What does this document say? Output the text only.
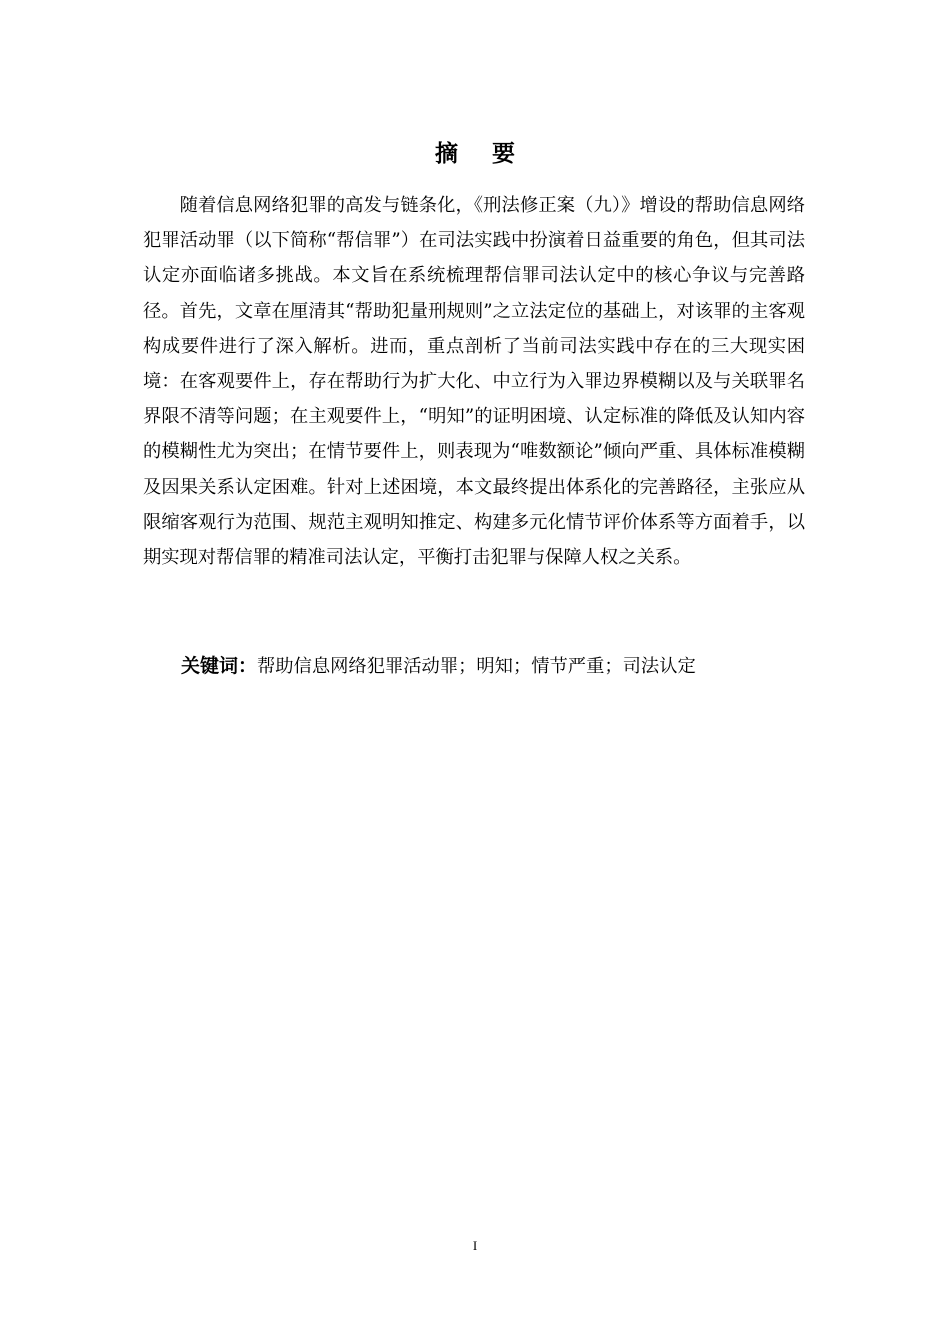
摘要

随着信息网络犯罪的高发与链条化，《刑法修正案（九）》增设的帮助信息网络犯罪活动罪（以下简称“帮信罪”）在司法实践中扮演着日益重要的角色，但其司法认定亦面临诸多挑战。本文旨在系统梳理帮信罪司法认定中的核心争议与完善路径。首先，文章在厘清其“帮助犯量刑规则”之立法定位的基础上，对该罪的主客观构成要件进行了深入解析。进而，重点剖析了当前司法实践中存在的三大现实困境：在客观要件上，存在帮助行为扩大化、中立行为入罪边界模糊以及与关联罪名界限不清等问题；在主观要件上，“明知”的证明困境、认定标准的降低及认知内容的模糊性尤为突出；在情节要件上，则表现为“唯数额论”倾向严重、具体标准模糊及因果关系认定困难。针对上述困境，本文最终提出体系化的完善路径，主张应从限缩客观行为范围、规范主观明知推定、构建多元化情节评价体系等方面着手，以期实现对帮信罪的精准司法认定，平衡打击犯罪与保障人权之关系。

关键词：帮助信息网络犯罪活动罪；明知；情节严重；司法认定
I
